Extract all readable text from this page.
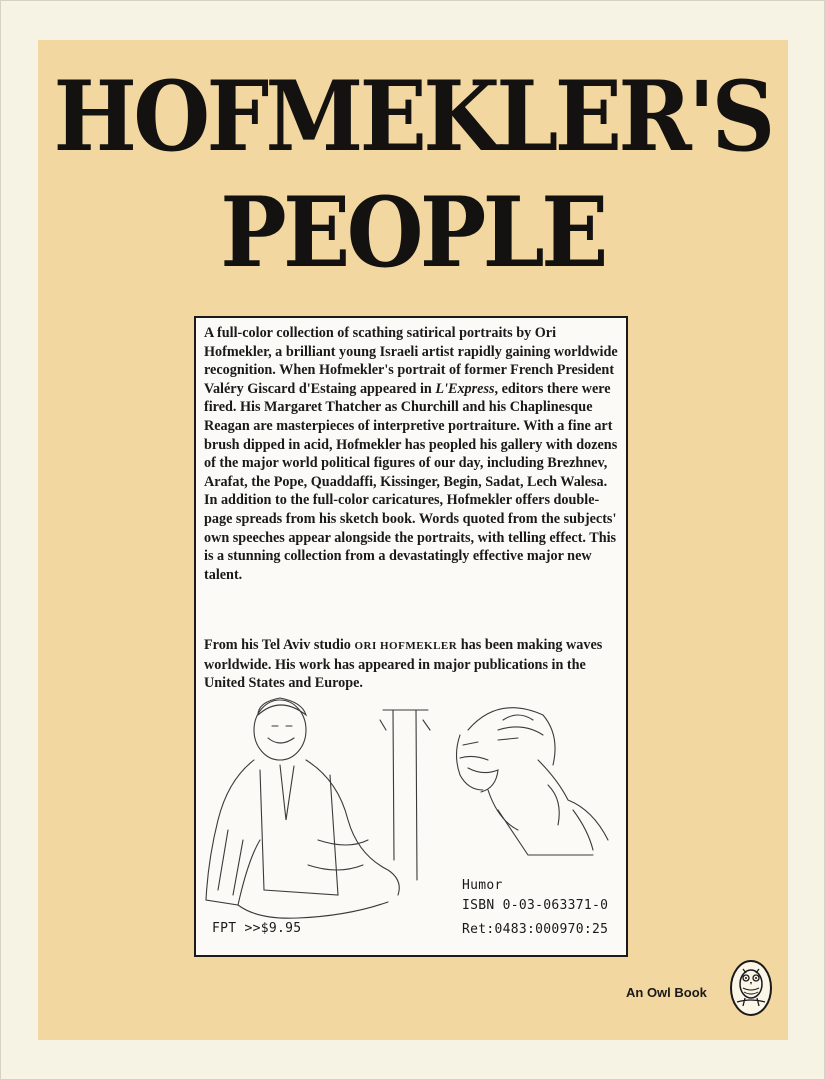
HOFMEKLER'S
PEOPLE

A full-color collection of scathing satirical portraits by Ori Hofmekler, a brilliant young Israeli artist rapidly gaining worldwide recognition. When Hofmekler's portrait of former French President Valéry Giscard d'Estaing appeared in L'Express, editors there were fired. His Margaret Thatcher as Churchill and his Chaplinesque Reagan are masterpieces of interpretive portraiture. With a fine art brush dipped in acid, Hofmekler has peopled his gallery with dozens of the major world political figures of our day, including Brezhnev, Arafat, the Pope, Quaddaffi, Kissinger, Begin, Sadat, Lech Walesa. In addition to the full-color caricatures, Hofmekler offers double-page spreads from his sketch book. Words quoted from the subjects' own speeches appear alongside the portraits, with telling effect. This is a stunning collection from a devastatingly effective major new talent.

From his Tel Aviv studio ORI HOFMEKLER has been making waves worldwide. His work has appeared in major publications in the United States and Europe.
Humor
ISBN 0-03-063371-0
FPT >>$9.95	Ret:0483:000970:25
An Owl Book
